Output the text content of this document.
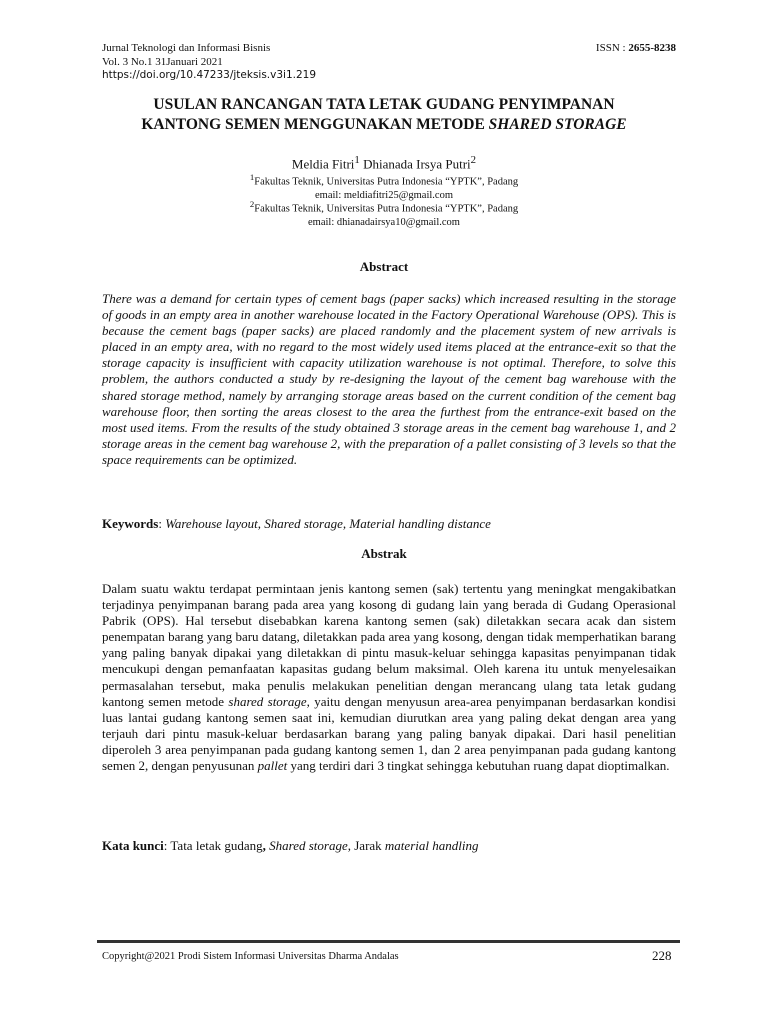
Jurnal Teknologi dan Informasi Bisnis	ISSN : 2655-8238
Vol. 3 No.1 31Januari 2021
https://doi.org/10.47233/jteksis.v3i1.219
USULAN RANCANGAN TATA LETAK GUDANG PENYIMPANAN
KANTONG SEMEN MENGGUNAKAN METODE SHARED STORAGE
Meldia Fitri$^1$ Dhianada Irsya Putri$^2$
$^1$Fakultas Teknik, Universitas Putra Indonesia “YPTK”, Padang
email: meldiafitri25@gmail.com
$^2$Fakultas Teknik, Universitas Putra Indonesia “YPTK”, Padang
email: dhianadairsya10@gmail.com
Abstract
There was a demand for certain types of cement bags (paper sacks) which increased resulting in the storage of goods in an empty area in another warehouse located in the Factory Operational Warehouse (OPS). This is because the cement bags (paper sacks) are placed randomly and the placement system of new arrivals is placed in an empty area, with no regard to the most widely used items placed at the entrance-exit so that the storage capacity is insufficient with capacity utilization warehouse is not optimal. Therefore, to solve this problem, the authors conducted a study by re-designing the layout of the cement bag warehouse with the shared storage method, namely by arranging storage areas based on the current condition of the cement bag warehouse floor, then sorting the areas closest to the area the furthest from the entrance-exit based on the most used items. From the results of the study obtained 3 storage areas in the cement bag warehouse 1, and 2 storage areas in the cement bag warehouse 2, with the preparation of a pallet consisting of 3 levels so that the space requirements can be optimized.
Keywords: Warehouse layout, Shared storage, Material handling distance
Abstrak
Dalam suatu waktu terdapat permintaan jenis kantong semen (sak) tertentu yang meningkat mengakibatkan terjadinya penyimpanan barang pada area yang kosong di gudang lain yang berada di Gudang Operasional Pabrik (OPS). Hal tersebut disebabkan karena kantong semen (sak) diletakkan secara acak dan sistem penempatan barang yang baru datang, diletakkan pada area yang kosong, dengan tidak memperhatikan barang yang paling banyak dipakai yang diletakkan di pintu masuk-keluar sehingga kapasitas penyimpanan tidak mencukupi dengan pemanfaatan kapasitas gudang belum maksimal. Oleh karena itu untuk menyelesaikan permasalahan tersebut, maka penulis melakukan penelitian dengan merancang ulang tata letak gudang kantong semen metode shared storage, yaitu dengan menyusun area-area penyimpanan berdasarkan kondisi luas lantai gudang kantong semen saat ini, kemudian diurutkan area yang paling dekat dengan area yang terjauh dari pintu masuk-keluar berdasarkan barang yang paling banyak dipakai. Dari hasil penelitian diperoleh 3 area penyimpanan pada gudang kantong semen 1, dan 2 area penyimpanan pada gudang kantong semen 2, dengan penyusunan pallet yang terdiri dari 3 tingkat sehingga kebutuhan ruang dapat dioptimalkan.
Kata kunci: Tata letak gudang, Shared storage, Jarak material handling
Copyright@2021 Prodi Sistem Informasi Universitas Dharma Andalas	228
